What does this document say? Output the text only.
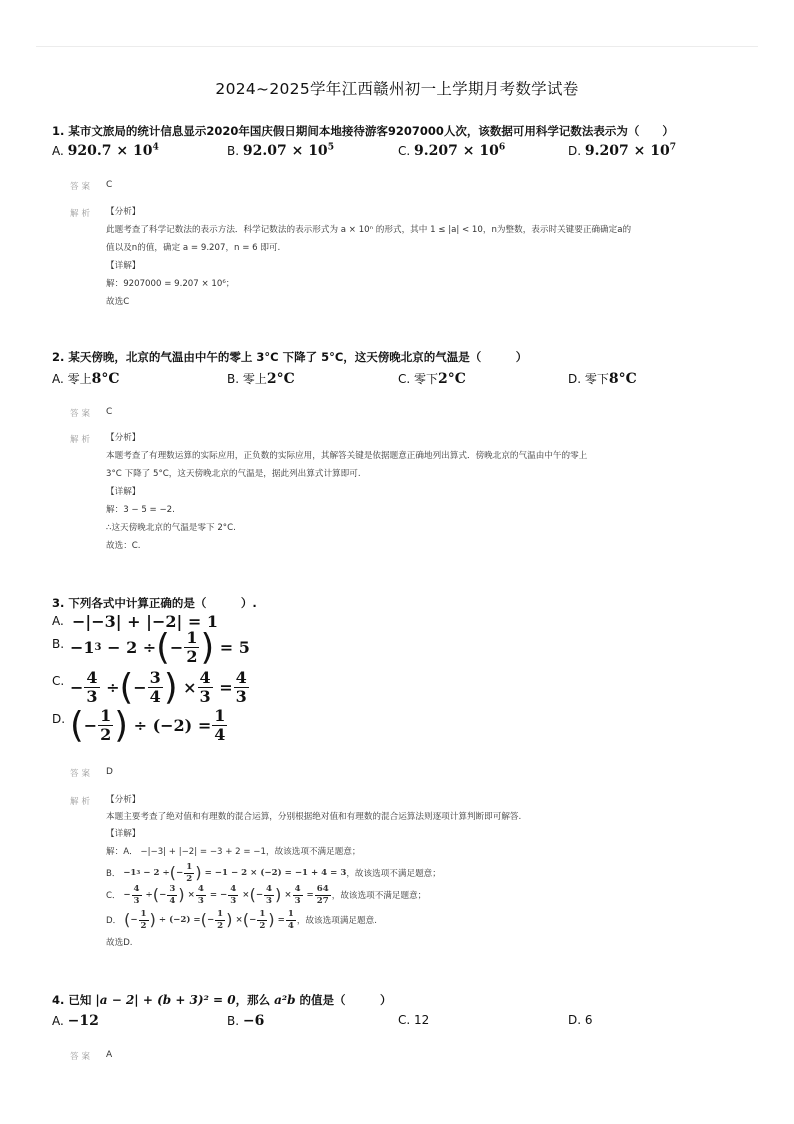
2024~2025学年江西赣州初一上学期月考数学试卷
1. 某市文旅局的统计信息显示2020年国庆假日期间本地接待游客9207000人次，该数据可用科学记数法表示为（　　）
A. $920.7 \times 10^4$	B. $92.07 \times 10^5$	C. $9.207 \times 10^6$	D. $9.207 \times 10^7$
答案 C
解析 【分析】
此题考查了科学记数法的表示方法．科学记数法的表示形式为 a × 10ⁿ 的形式，其中 1 ≤ |a| < 10，n为整数，表示时关键要正确确定a的
值以及n的值，确定 a = 9.207，n = 6 即可.
【详解】
解：9207000 = 9.207 × 10⁶；
故选C
2. 某天傍晚，北京的气温由中午的零上 3°C 下降了 5°C，这天傍晚北京的气温是（　　　）
A. 零上8°C	B. 零上2°C	C. 零下2°C	D. 零下8°C
答案 C
解析 【分析】
本题考查了有理数运算的实际应用，正负数的实际应用，其解答关键是依据题意正确地列出算式．傍晚北京的气温由中午的零上
3°C 下降了 5°C，这天傍晚北京的气温是，据此列出算式计算即可.
【详解】
解：3 − 5 = −2.
∴这天傍晚北京的气温是零下 2°C.
故选：C.
3. 下列各式中计算正确的是（　　　）.
A. −|−3| + |−2| = 1
B. −1 3 − 2 ÷ ( − $\frac{1}{2}$ ) = 5
C. − $\frac{4}{3}$ ÷ ( − $\frac{3}{4}$ ) × $\frac{4}{3} = \frac{4}{3}$
D. ( − $\frac{1}{2}$ ) ÷ $(-2) = \frac{1}{4}$
答案 D
解析 【分析】
本题主要考查了绝对值和有理数的混合运算，分别根据绝对值和有理数的混合运算法则逐项计算判断即可解答.
【详解】
解：A． −|−3| + |−2| = −3 + 2 = −1，故该选项不满足题意；
B．
−1 3 − 2 ÷ ( − $\frac{1}{2}$ ) = −1 − 2 × (−2) = −1 + 4 = 3 ，故该选项不满足题意；
C．
− $\frac{4}{3}$ ÷ ( − $\frac{3}{4}$ ) × $\frac{4}{3}$ = − $\frac{4}{3}$ × ( − $\frac{4}{3}$ ) × $\frac{4}{3} = \frac{64}{27}$ ，故该选项不满足题意；
D．
( − $\frac{1}{2}$ ) ÷ (−2) = ( − $\frac{1}{2}$ ) × ( − $\frac{1}{2}$ ) = $\frac{1}{4}$ ，故该选项满足题意.
故选D.
4. 已知 |a − 2| + (b + 3)² = 0，那么 a²b 的值是（　　　）
A. −12	B. −6	C. 12	D. 6
答案 A
